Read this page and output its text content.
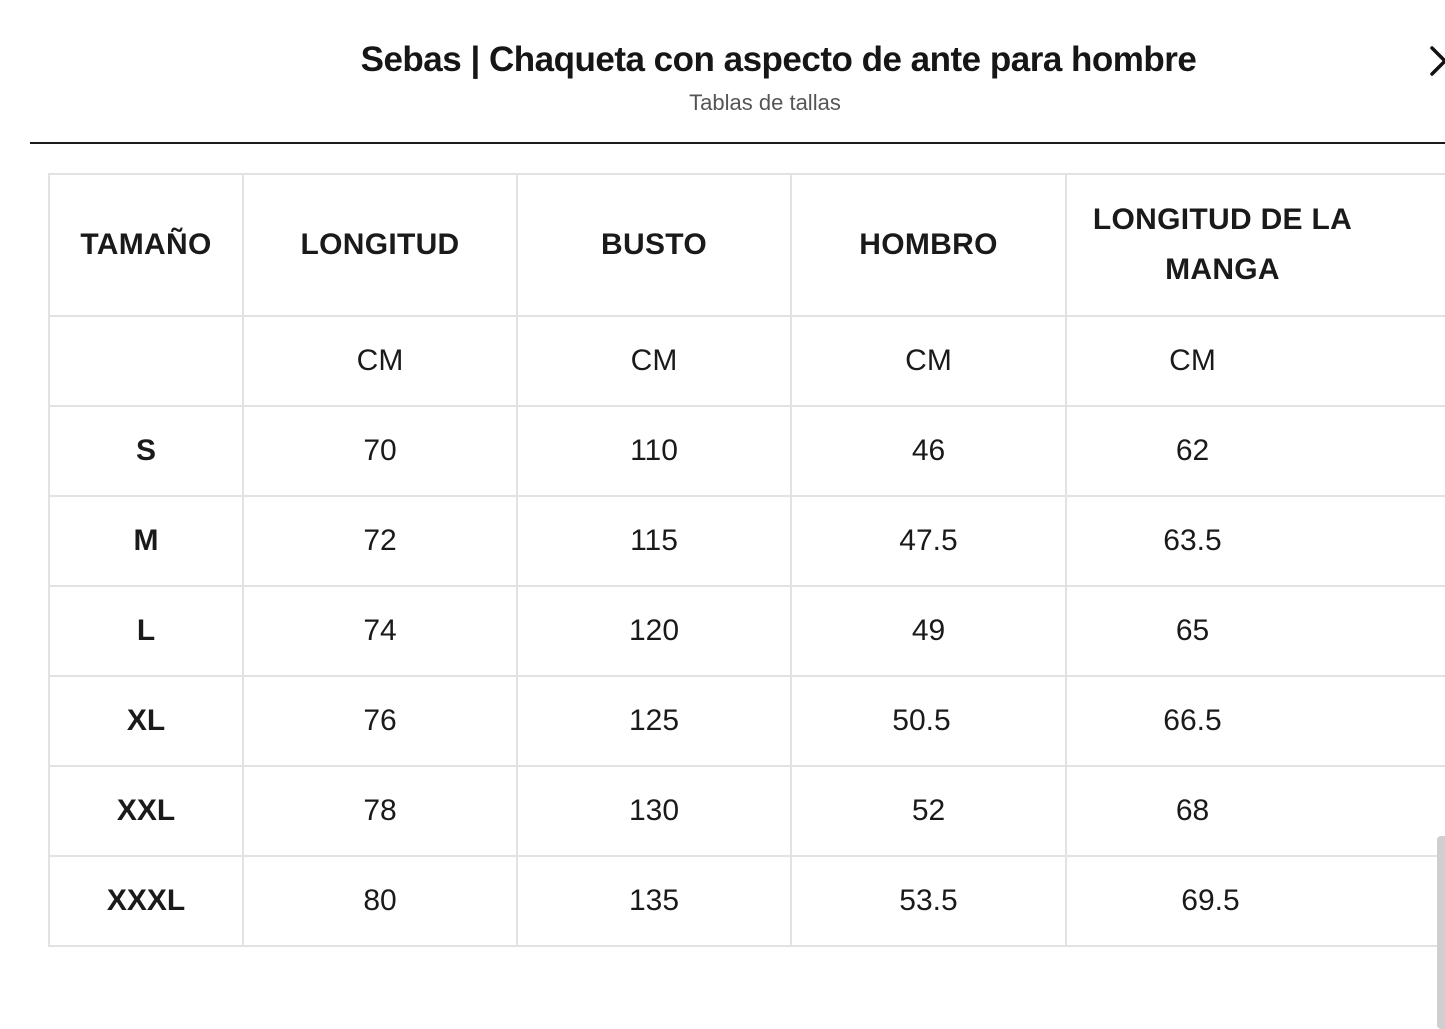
Sebas | Chaqueta con aspecto de ante para hombre
Tablas de tallas
TAMAÑO	LONGITUD	BUSTO	HOMBRO	LONGITUD DE LA MANGA
	CM	CM	CM	CM
S	70	110	46	62
M	72	115	47.5	63.5
L	74	120	49	65
XL	76	125	50.5	66.5
XXL	78	130	52	68
XXXL	80	135	53.5	69.5
